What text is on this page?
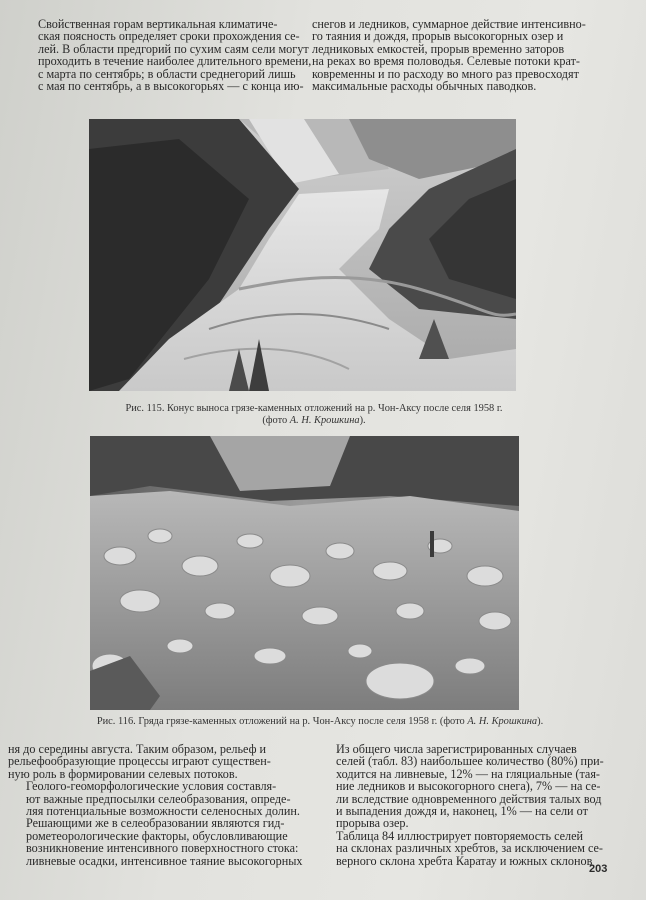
Свойственная горам вертикальная климатиче-
ская поясность определяет сроки прохождения се-
лей. В области предгорий по сухим саям сели могут
проходить в течение наиболее длительного времени,
с марта по сентябрь; в области среднегорий лишь
с мая по сентябрь, а в высокогорьях — с конца ию-

снегов и ледников, суммарное действие интенсивно-
го таяния и дождя, прорыв высокогорных озер и
ледниковых емкостей, прорыв временно заторов
на реках во время половодья. Селевые потоки крат-
ковременны и по расходу во много раз превосходят
максимальные расходы обычных паводков.

Рис. 115. Конус выноса грязе-каменных отложений на р. Чон-Аксу после селя 1958 г.
(фото А. Н. Крошкина).
Рис. 116. Гряда грязе-каменных отложений на р. Чон-Аксу после селя 1958 г. (фото А. Н. Крошкина).

ня до середины августа. Таким образом, рельеф и
рельефообразующие процессы играют существен-
ную роль в формировании селевых потоков.

Геолого-геоморфологические условия составля-
ют важные предпосылки селеобразования, опреде-
ляя потенциальные возможности селеносных долин.
Решающими же в селеобразовании являются гид-
рометеорологические факторы, обусловливающие
возникновение интенсивного поверхностного стока:
ливневые осадки, интенсивное таяние высокогорных

Из общего числа зарегистрированных случаев
селей (табл. 83) наибольшее количество (80%) при-
ходится на ливневые, 12% — на гляциальные (тая-
ние ледников и высокогорного снега), 7% — на се-
ли вследствие одновременного действия талых вод
и выпадения дождя и, наконец, 1% — на сели от
прорыва озер.

Таблица 84 иллюстрирует повторяемость селей
на склонах различных хребтов, за исключением се-
верного склона хребта Каратау и южных склонов

203
